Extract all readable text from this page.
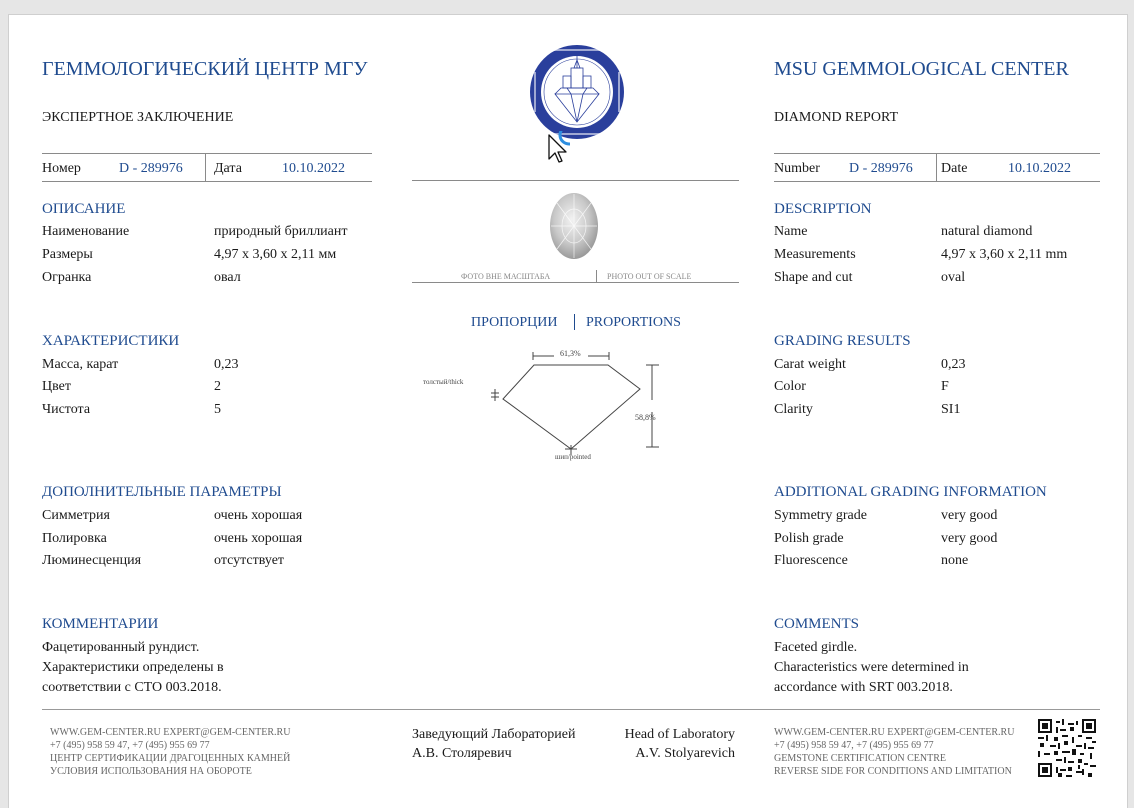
ГЕММОЛОГИЧЕСКИЙ ЦЕНТР МГУ
ЭКСПЕРТНОЕ ЗАКЛЮЧЕНИЕ
Номер	D - 289976 Дата	10.10.2022
ОПИСАНИЕ
Наименование	природный бриллиант
Размеры	4,97 x 3,60 x 2,11 мм
Огранка	овал
ХАРАКТЕРИСТИКИ
Масса, карат	0,23
Цвет	2
Чистота	5
ДОПОЛНИТЕЛЬНЫЕ ПАРАМЕТРЫ
Симметрия	очень хорошая
Полировка	очень хорошая
Люминесценция	отсутствует
КОММЕНТАРИИ
Фацетированный рундист.
Характеристики определены в
соответствии с СТО 003.2018.
ФОТО ВНЕ МАСШТАБА	PHOTO OUT OF SCALE
ПРОПОРЦИИ PROPORTIONS
61,3%
58,8%
толстый/thick
шип/pointed
MSU GEMMOLOGICAL CENTER
DIAMOND REPORT
Number D - 289976 Date	10.10.2022
DESCRIPTION
Name	natural diamond
Measurements	4,97 x 3,60 x 2,11 mm
Shape and cut	oval
GRADING RESULTS
Carat weight	0,23
Color	F
Clarity	SI1
ADDITIONAL GRADING INFORMATION
Symmetry grade	very good
Polish grade	very good
Fluorescence	none
COMMENTS
Faceted girdle.
Characteristics were determined in
accordance with SRT 003.2018.
WWW.GEM-CENTER.RU EXPERT@GEM-CENTER.RU
+7 (495) 958 59 47, +7 (495) 955 69 77
ЦЕНТР СЕРТИФИКАЦИИ ДРАГОЦЕННЫХ КАМНЕЙ
УСЛОВИЯ ИСПОЛЬЗОВАНИЯ НА ОБОРОТЕ
Заведующий Лабораторией
А.В. Столяревич
Head of Laboratory
A.V. Stolyarevich
WWW.GEM-CENTER.RU EXPERT@GEM-CENTER.RU
+7 (495) 958 59 47, +7 (495) 955 69 77
GEMSTONE CERTIFICATION CENTRE
REVERSE SIDE FOR CONDITIONS AND LIMITATION
